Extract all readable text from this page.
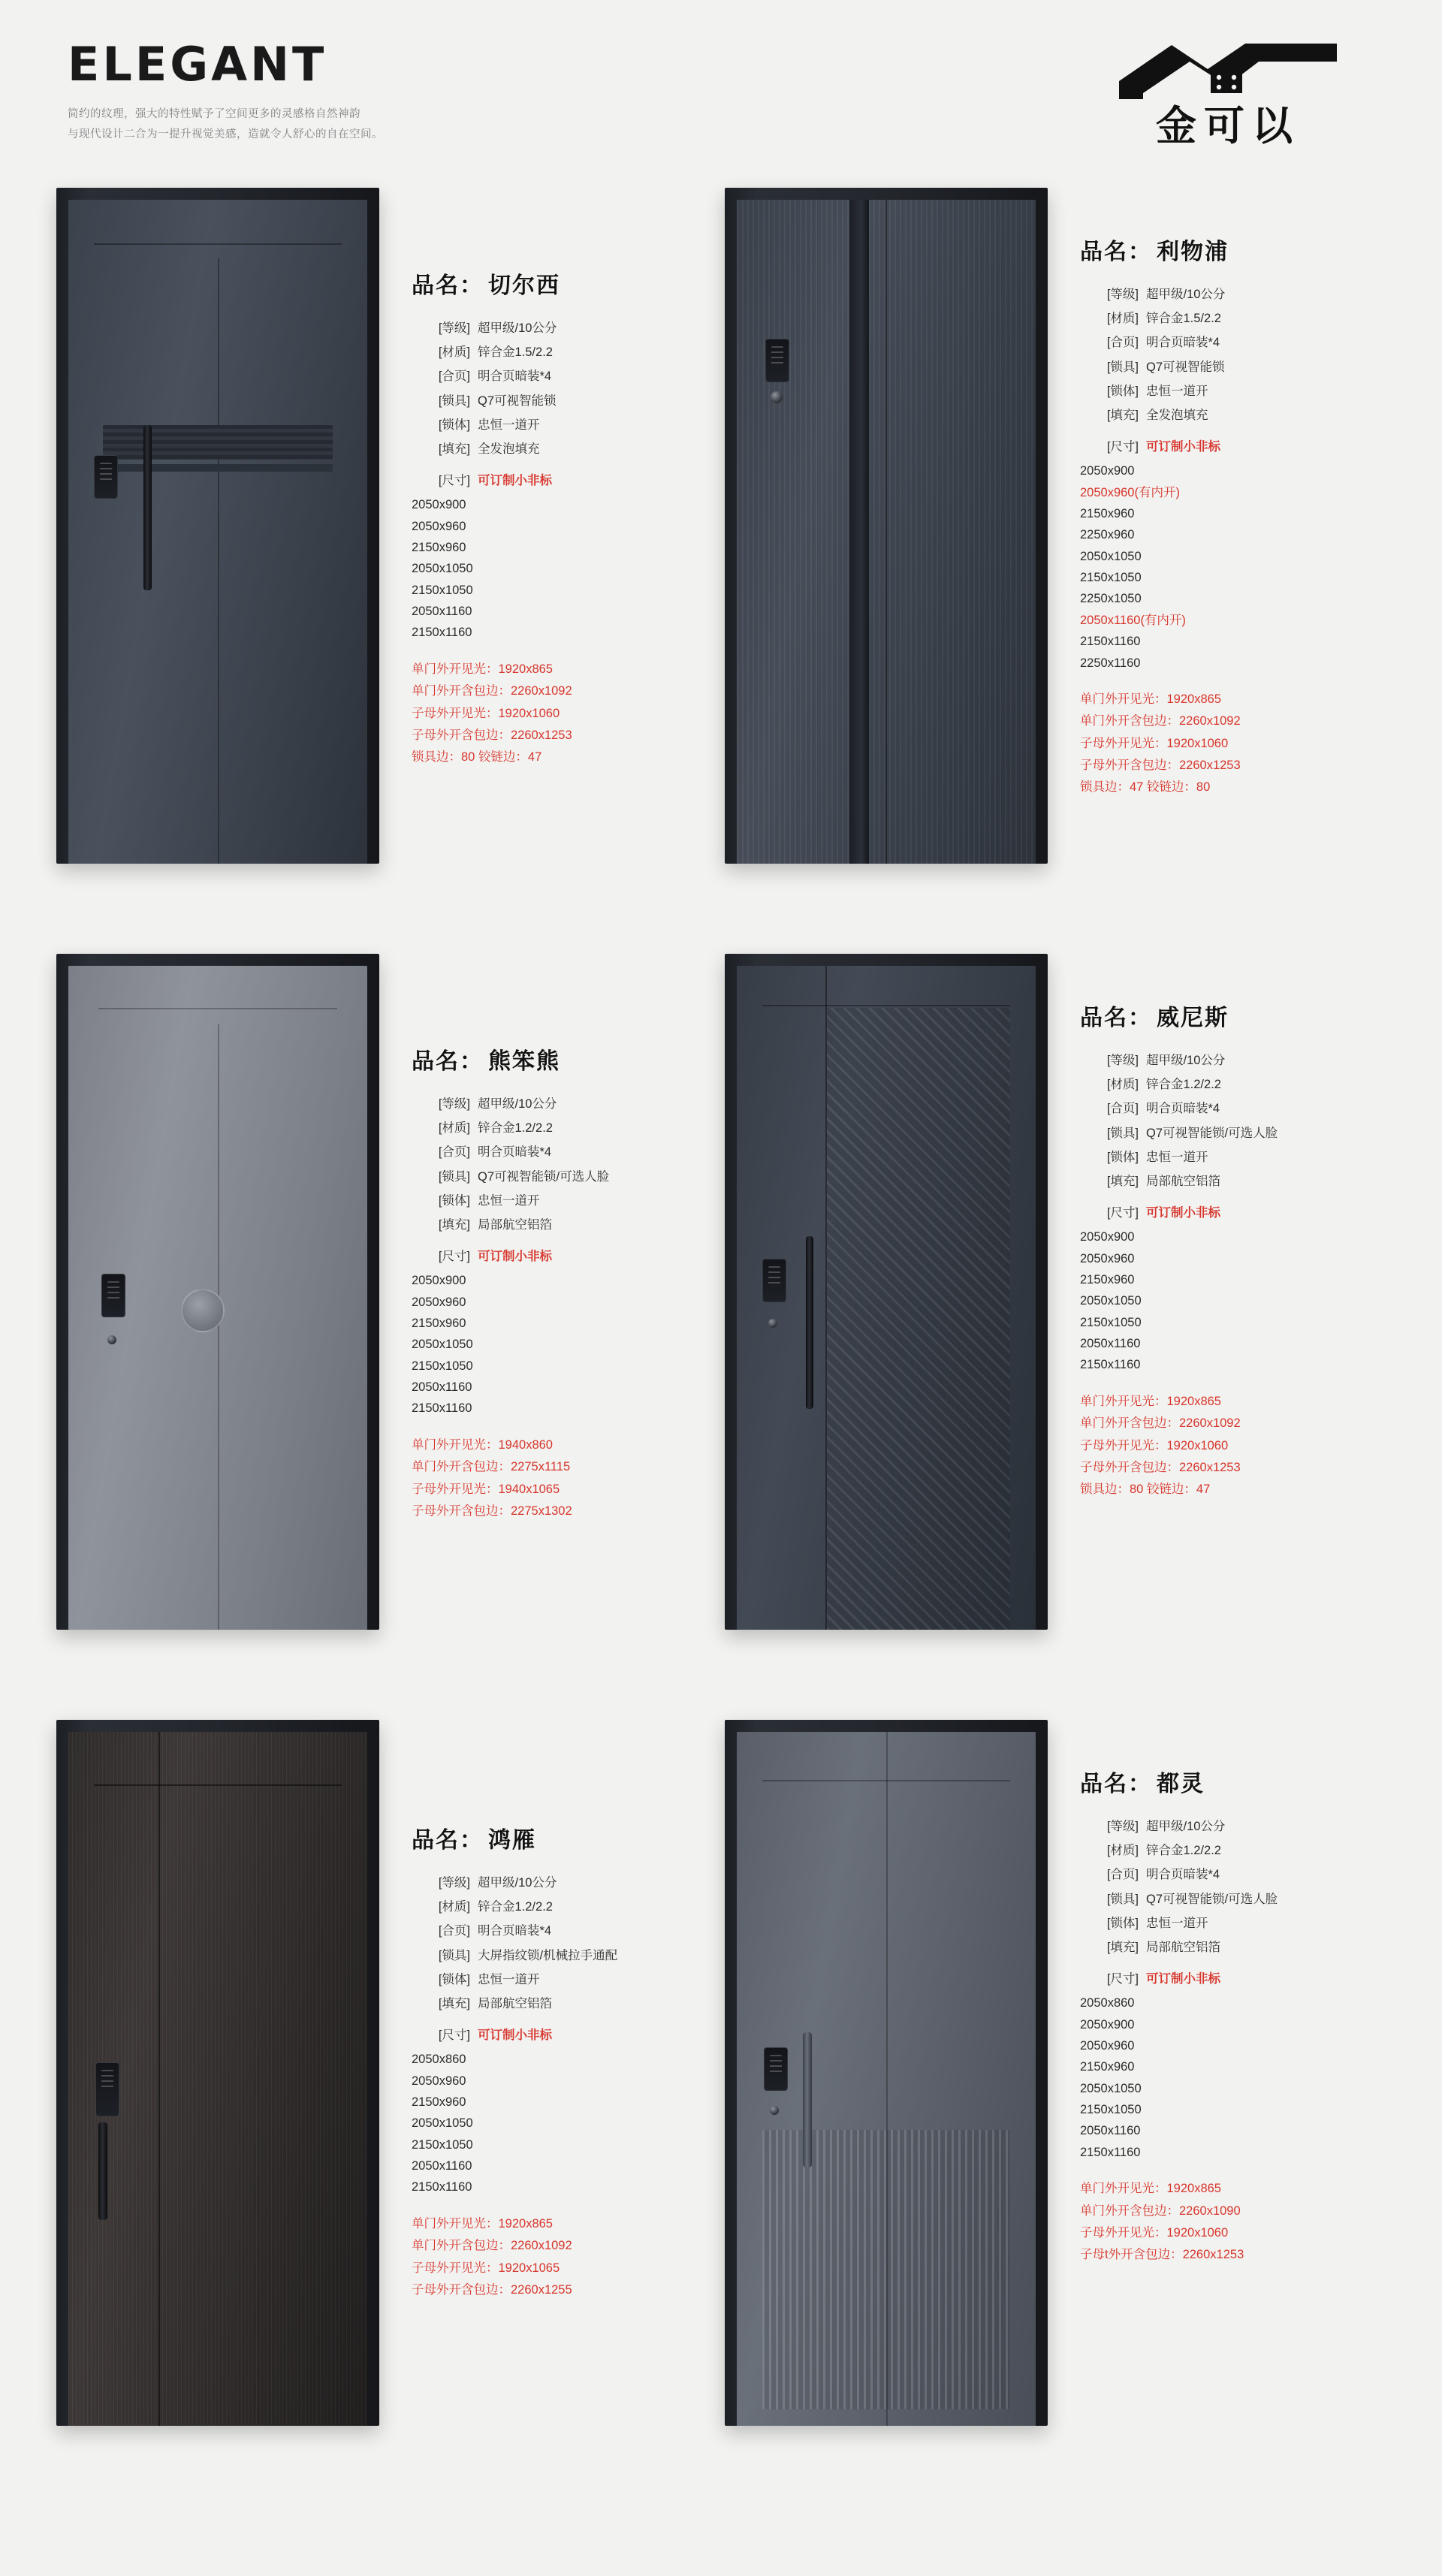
ELEGANT
简约的纹理，强大的特性赋予了空间更多的灵感格自然神韵
与现代设计二合为一提升视觉美感，造就令人舒心的自在空间。	金可以
品名： 切尔西
[等级] 超甲级/10公分
[材质] 锌合金1.5/2.2
[合页] 明合页暗装*4
[锁具] Q7可视智能锁
[锁体] 忠恒一道开
[填充] 全发泡填充
[尺寸] 可订制小非标
2050x900
2050x960
2150x960
2050x1050
2150x1050
2050x1160
2150x1160
单门外开见光：1920x865
单门外开含包边：2260x1092
子母外开见光：1920x1060
子母外开含包边：2260x1253
锁具边：80 铰链边：47
品名： 利物浦
[等级] 超甲级/10公分
[材质] 锌合金1.5/2.2
[合页] 明合页暗装*4
[锁具] Q7可视智能锁
[锁体] 忠恒一道开
[填充] 全发泡填充
[尺寸] 可订制小非标
2050x900
2050x960(有内开)
2150x960
2250x960
2050x1050
2150x1050
2250x1050
2050x1160(有内开)
2150x1160
2250x1160
单门外开见光：1920x865
单门外开含包边：2260x1092
子母外开见光：1920x1060
子母外开含包边：2260x1253
锁具边：47 铰链边：80
品名： 熊笨熊
[等级] 超甲级/10公分
[材质] 锌合金1.2/2.2
[合页] 明合页暗装*4
[锁具] Q7可视智能锁/可选人脸
[锁体] 忠恒一道开
[填充] 局部航空铝箔
[尺寸] 可订制小非标
2050x900
2050x960
2150x960
2050x1050
2150x1050
2050x1160
2150x1160
单门外开见光：1940x860
单门外开含包边：2275x1115
子母外开见光：1940x1065
子母外开含包边：2275x1302
品名： 威尼斯
[等级] 超甲级/10公分
[材质] 锌合金1.2/2.2
[合页] 明合页暗装*4
[锁具] Q7可视智能锁/可选人脸
[锁体] 忠恒一道开
[填充] 局部航空铝箔
[尺寸] 可订制小非标
2050x900
2050x960
2150x960
2050x1050
2150x1050
2050x1160
2150x1160
单门外开见光：1920x865
单门外开含包边：2260x1092
子母外开见光：1920x1060
子母外开含包边：2260x1253
锁具边：80 铰链边：47
品名： 鸿雁
[等级] 超甲级/10公分
[材质] 锌合金1.2/2.2
[合页] 明合页暗装*4
[锁具] 大屏指纹锁/机械拉手通配
[锁体] 忠恒一道开
[填充] 局部航空铝箔
[尺寸] 可订制小非标
2050x860
2050x960
2150x960
2050x1050
2150x1050
2050x1160
2150x1160
单门外开见光：1920x865
单门外开含包边：2260x1092
子母外开见光：1920x1065
子母外开含包边：2260x1255
品名： 都灵
[等级] 超甲级/10公分
[材质] 锌合金1.2/2.2
[合页] 明合页暗装*4
[锁具] Q7可视智能锁/可选人脸
[锁体] 忠恒一道开
[填充] 局部航空铝箔
[尺寸] 可订制小非标
2050x860
2050x900
2050x960
2150x960
2050x1050
2150x1050
2050x1160
2150x1160
单门外开见光：1920x865
单门外开含包边：2260x1090
子母外开见光：1920x1060
子母t外开含包边：2260x1253
